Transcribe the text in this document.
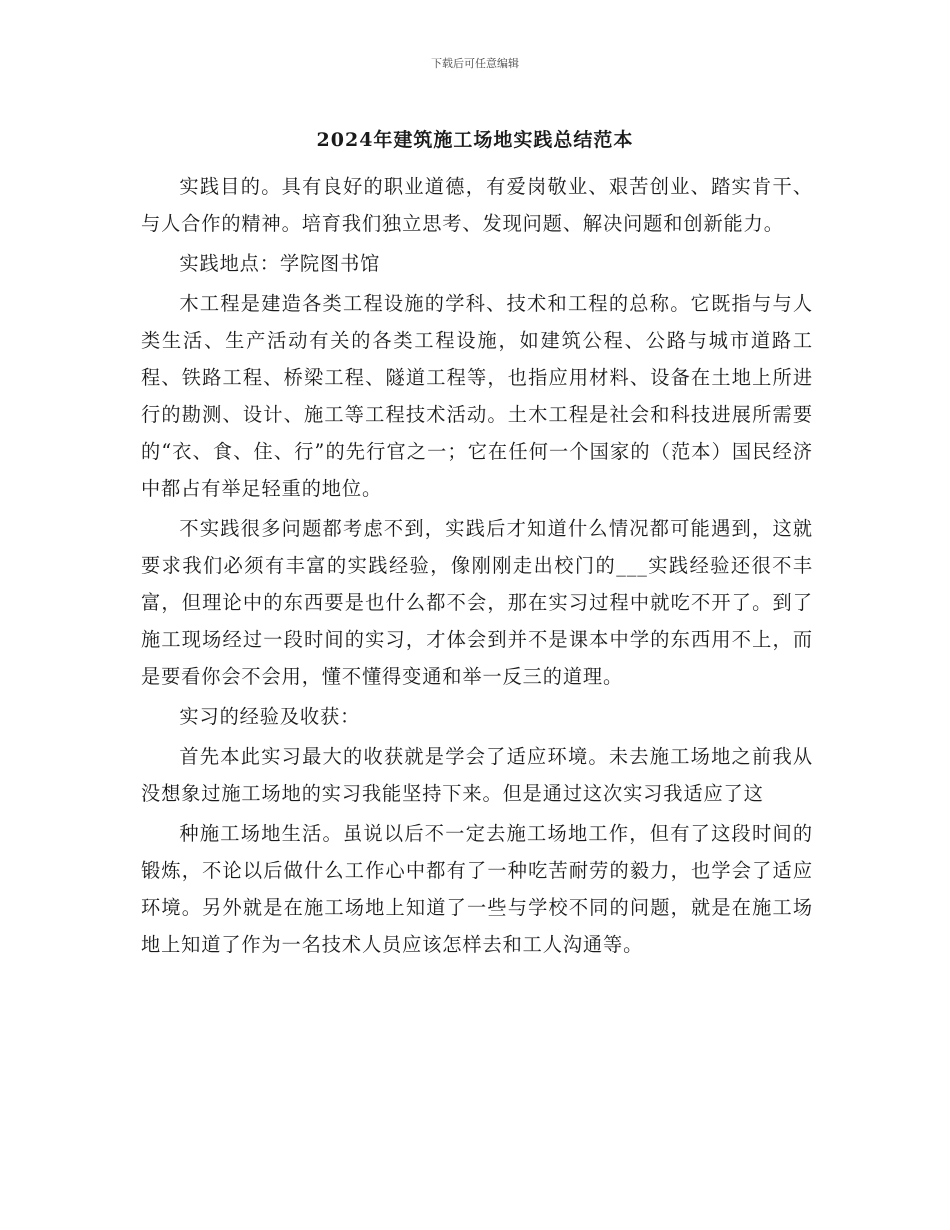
下载后可任意编辑
2024年建筑施工场地实践总结范本

实践目的。具有良好的职业道德，有爱岗敬业、艰苦创业、踏实肯干、与人合作的精神。培育我们独立思考、发现问题、解决问题和创新能力。

实践地点：学院图书馆

木工程是建造各类工程设施的学科、技术和工程的总称。它既指与与人类生活、生产活动有关的各类工程设施，如建筑公程、公路与城市道路工程、铁路工程、桥梁工程、隧道工程等，也指应用材料、设备在土地上所进行的勘测、设计、施工等工程技术活动。土木工程是社会和科技进展所需要的“衣、食、住、行”的先行官之一；它在任何一个国家的（范本）国民经济中都占有举足轻重的地位。

不实践很多问题都考虑不到，实践后才知道什么情况都可能遇到，这就要求我们必须有丰富的实践经验，像刚刚走出校门的___实践经验还很不丰富，但理论中的东西要是也什么都不会，那在实习过程中就吃不开了。到了施工现场经过一段时间的实习，才体会到并不是课本中学的东西用不上，而是要看你会不会用，懂不懂得变通和举一反三的道理。

实习的经验及收获：

首先本此实习最大的收获就是学会了适应环境。未去施工场地之前我从没想象过施工场地的实习我能坚持下来。但是通过这次实习我适应了这

种施工场地生活。虽说以后不一定去施工场地工作，但有了这段时间的锻炼，不论以后做什么工作心中都有了一种吃苦耐劳的毅力，也学会了适应环境。另外就是在施工场地上知道了一些与学校不同的问题，就是在施工场地上知道了作为一名技术人员应该怎样去和工人沟通等。
